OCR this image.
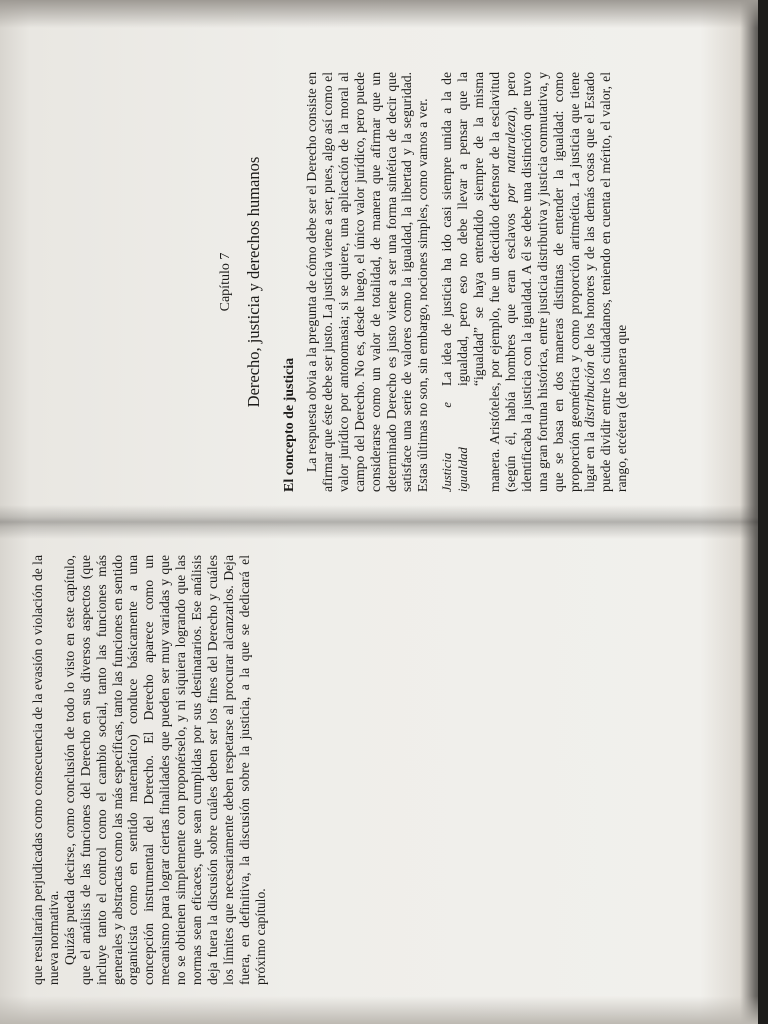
que resultarían perjudicadas como consecuencia de la evasión o violación de la nueva normativa. Quizás pueda decirse, como conclusión de todo lo visto en este capítulo, que el análisis de las funciones del Derecho en sus diversos aspectos (que incluye tanto el control como el cambio social, tanto las funciones más generales y abstractas como las más específicas, tanto las funciones en sentido organicista como en sentido matemático) conduce básicamente a una concepción instrumental del Derecho. El Derecho aparece como un mecanismo para lograr ciertas finalidades que pueden ser muy variadas y que no se obtienen simplemente con proponérselo, y ni siquiera logrando que las normas sean eficaces, que sean cumplidas por sus destinatarios. Ese análisis deja fuera la discusión sobre cuáles deben ser los fines del Derecho y cuáles los límites que necesariamente deben respetarse al procurar alcanzarlos. Deja fuera, en definitiva, la discusión sobre la justicia, a la que se dedicará el próximo capítulo.

Capítulo 7 Derecho, justicia y derechos humanos
El concepto de justicia La respuesta obvia a la pregunta de cómo debe ser el Derecho consiste en afirmar que éste debe ser justo. La justicia viene a ser, pues, algo así como el valor jurídico por antonomasia; si se quiere, una aplicación de la moral al campo del Derecho. No es, desde luego, el único valor jurídico, pero puede considerarse como un valor de totalidad, de manera que afirmar que un determinado Derecho es justo viene a ser una forma sintética de decir que satisface una serie de valores como la igualdad, la libertad y la seguridad. Estas últimas no son, sin embargo, nociones simples, como vamos a ver. Justicia e igualdad
La idea de justicia ha ido casi siempre unida a la de igualdad, pero eso no debe llevar a pensar que la “igualdad” se haya entendido siempre de la misma manera. Aristóteles, por ejemplo, fue un decidido defensor de la esclavitud (según él, había hombres que eran esclavos por naturaleza), pero identificaba la justicia con la igualdad. A él se debe una distinción que tuvo una gran fortuna histórica, entre justicia distributiva y justicia conmutativa, y que se basa en dos maneras distintas de entender la igualdad: como proporción geométrica y como proporción aritmética. La justicia que tiene lugar en la distribución de los honores y de las demás cosas que el Estado puede dividir entre los ciudadanos, teniendo en cuenta el mérito, el valor, el rango, etcétera (de manera que
